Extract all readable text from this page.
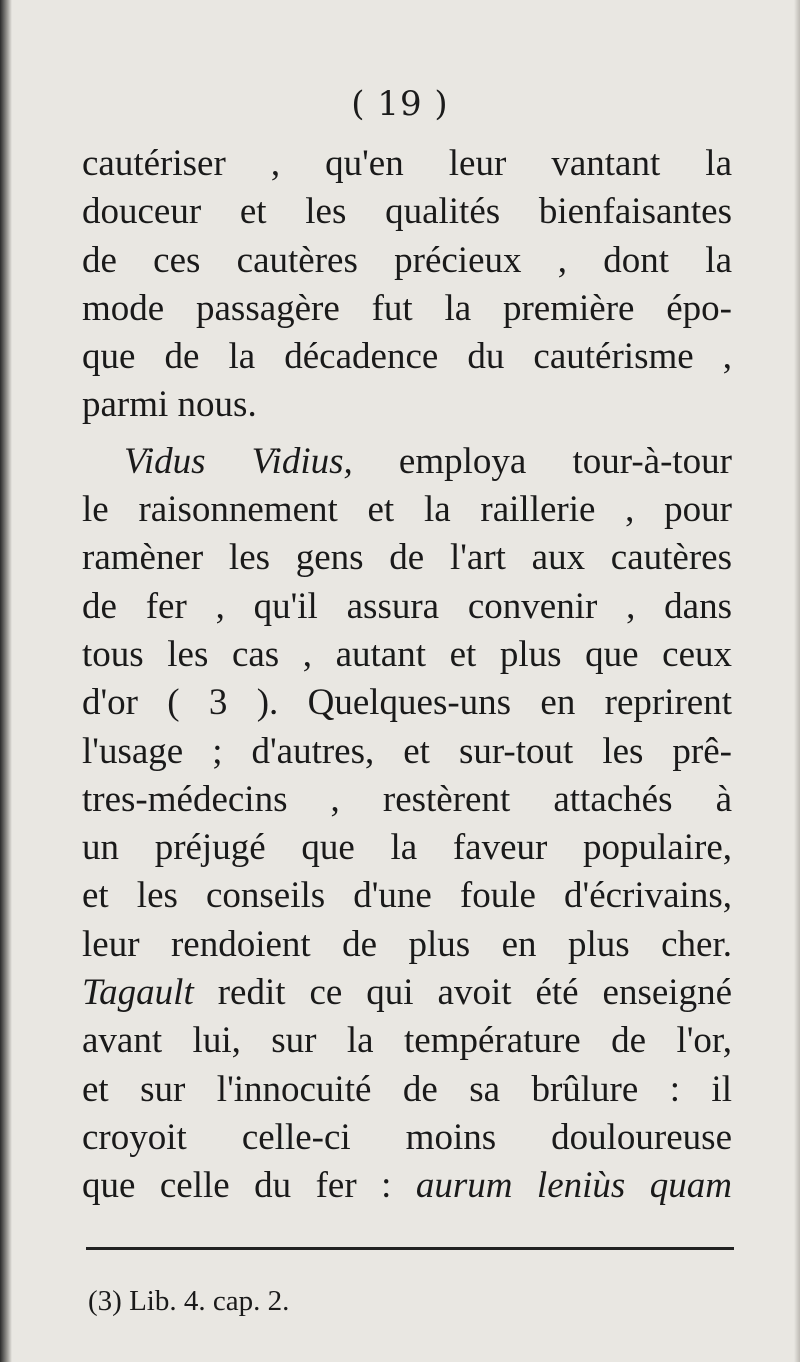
( 19 )
cautériser , qu'en leur vantant la
douceur et les qualités bienfaisantes
de ces cautères précieux , dont la
mode passagère fut la première épo-
que de la décadence du cautérisme ,
parmi nous.
Vidus Vidius, employa tour-à-tour
le raisonnement et la raillerie , pour
ramèner les gens de l'art aux cautères
de fer , qu'il assura convenir , dans
tous les cas , autant et plus que ceux
d'or ( 3 ). Quelques-uns en reprirent
l'usage ; d'autres, et sur-tout les prê-
tres-médecins , restèrent attachés à
un préjugé que la faveur populaire,
et les conseils d'une foule d'écrivains,
leur rendoient de plus en plus cher.
Tagault redit ce qui avoit été enseigné
avant lui, sur la température de l'or,
et sur l'innocuité de sa brûlure : il
croyoit celle-ci moins douloureuse
que celle du fer : aurum leniùs quam
(3) Lib. 4. cap. 2.
